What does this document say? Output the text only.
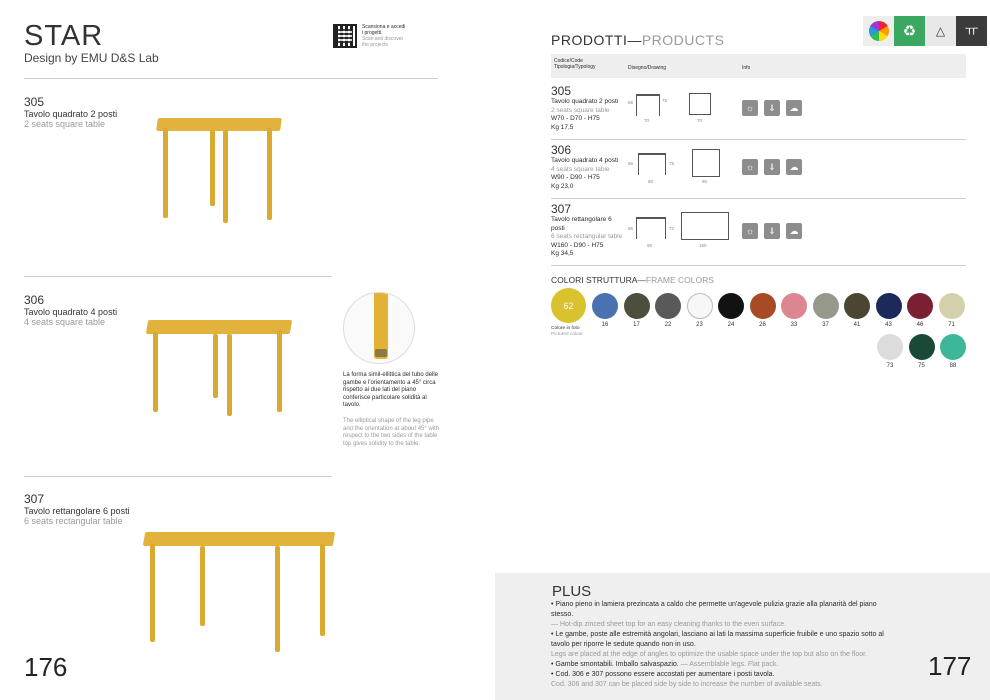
STAR
Design by EMU D&S Lab
Scansiona e accedi
i progetti.
Scan and discover
the projects
305
Tavolo quadrato 2 posti
2 seats square table
306
Tavolo quadrato 4 posti
4 seats square table
La forma simil-ellittica del tubo delle gambe e l'orientamento a 45° circa rispetto ai due lati del piano conferisce particolare solidità al tavolo.
The elliptical shape of the leg pipe and the orientation at about 45° with respect to the two sides of the table top gives solidity to the table.
307
Tavolo rettangolare 6 posti
6 seats rectangular table
176
PRODOTTI—PRODUCTS	♻	△	ㅠ
Codice/Code
Tipologia/Typology	Disegno/Drawing	Info
305
Tavolo quadrato 2 posti
2 seats square table
W70 - D70 - H75
Kg 17,5
66	75
70	70
☼	⇓	☁
306
Tavolo quadrato 4 posti
4 seats square table
W90 - D90 - H75
Kg 23,0
66	75
90	90
☼	⇓	☁
307
Tavolo rettangolare 6 posti
6 seats rectangular table
W160 - D90 - H75
Kg 34,5
66	72
90	160
☼	⇓	☁
COLORI STRUTTURA—FRAME COLORS
62
Colore in foto
Pictured colour
16	17	22	23	24	26	33	37	41	43	46	71
73	75	88
PLUS
• Piano pieno in lamiera prezincata a caldo che permette un'agevole pulizia grazie alla planarità del piano stesso.
— Hot-dip zinced sheet top for an easy cleaning thanks to the even surface.
• Le gambe, poste alle estremità angolari, lasciano ai lati la massima superficie fruibile e uno spazio sotto al tavolo per riporre le sedute quando non in uso.
Legs are placed at the edge of angles to optimize the usable space under the top but also on the floor.
• Gambe smontabili. Imballo salvaspazio. — Assemblable legs. Flat pack.
• Cod. 306 e 307 possono essere accostati per aumentare i posti tavola.
Cod. 306 and 307 can be placed side by side to increase the number of available seats.
177
